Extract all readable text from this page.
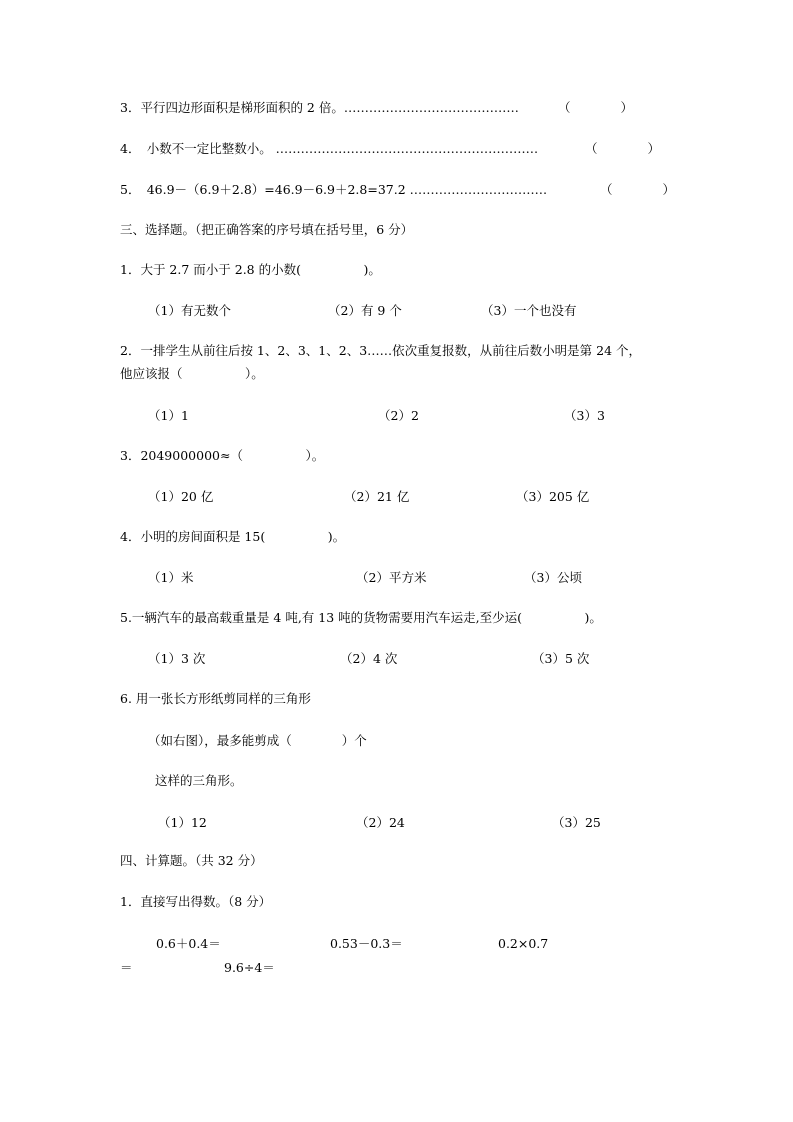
3．平行四边形面积是梯形面积的 2 倍。……………………………………	（　　　　）
4．　小数不一定比整数小。 ………………………………………………………	（　　　　）
5．　46.9－（6.9＋2.8）=46.9－6.9＋2.8=37.2 ……………………………	（　　　　）
三、选择题。（把正确答案的序号填在括号里，6 分）
1．大于 2.7 而小于 2.8 的小数(　　　　　)。
（1）有无数个	（2）有 9 个	（3）一个也没有
2．一排学生从前往后按 1、2、3、1、2、3……依次重复报数，从前往后数小明是第 24 个，
他应该报（　　　　　）。
（1）1	（2）2	（3）3
3．2049000000≈（　　　　　）。
（1）20 亿	（2）21 亿	（3）205 亿
4．小明的房间面积是 15(　　　　　)。
（1）米	（2）平方米	（3）公顷
5.一辆汽车的最高载重量是 4 吨,有 13 吨的货物需要用汽车运走,至少运(　　　　　)。
（1）3 次	（2）4 次	（3）5 次
6. 用一张长方形纸剪同样的三角形
（如右图），最多能剪成（　　　　）个
这样的三角形。
（1）12	（2）24	（3）25
四、计算题。（共 32 分）
1．直接写出得数。（8 分）
0.6＋0.4＝	0.53－0.3＝	0.2×0.7
＝	9.6÷4＝
